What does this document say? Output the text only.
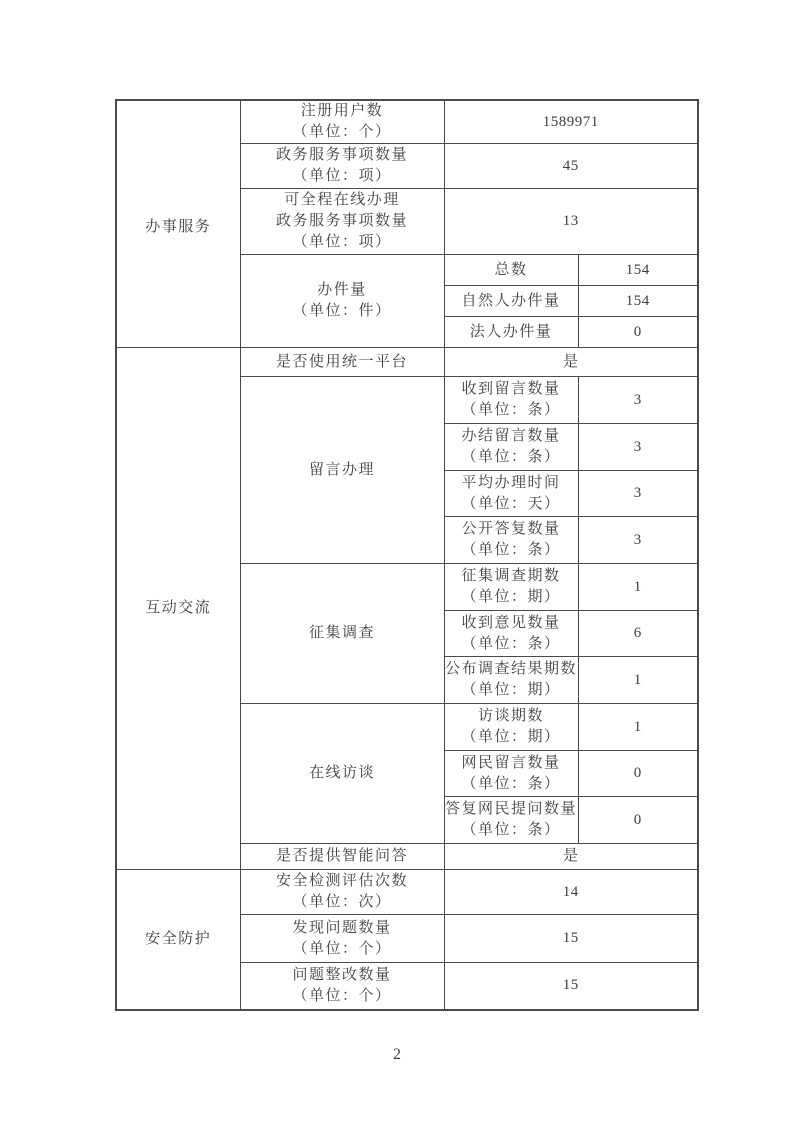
办事服务	注册用户数
（单位：个）	1589971	

	政务服务事项数量
（单位：项）	45	

	可全程在线办理
政务服务事项数量
（单位：项）	13	

	办件量
（单位：件）	总数	154

		自然人办件量	154

		法人办件量	0

互动交流	是否使用统一平台	是	

	留言办理	收到留言数量
（单位：条）	3

		办结留言数量
（单位：条）	3

		平均办理时间
（单位：天）	3

		公开答复数量
（单位：条）	3

	征集调查	征集调查期数
（单位：期）	1

		收到意见数量
（单位：条）	6

		公布调查结果期数
（单位：期）	1

	在线访谈	访谈期数
（单位：期）	1

		网民留言数量
（单位：条）	0

		答复网民提问数量
（单位：条）	0

	是否提供智能问答	是	

安全防护	安全检测评估次数
（单位：次）	14	

	发现问题数量
（单位：个）	15	

	问题整改数量
（单位：个）	15	
2
